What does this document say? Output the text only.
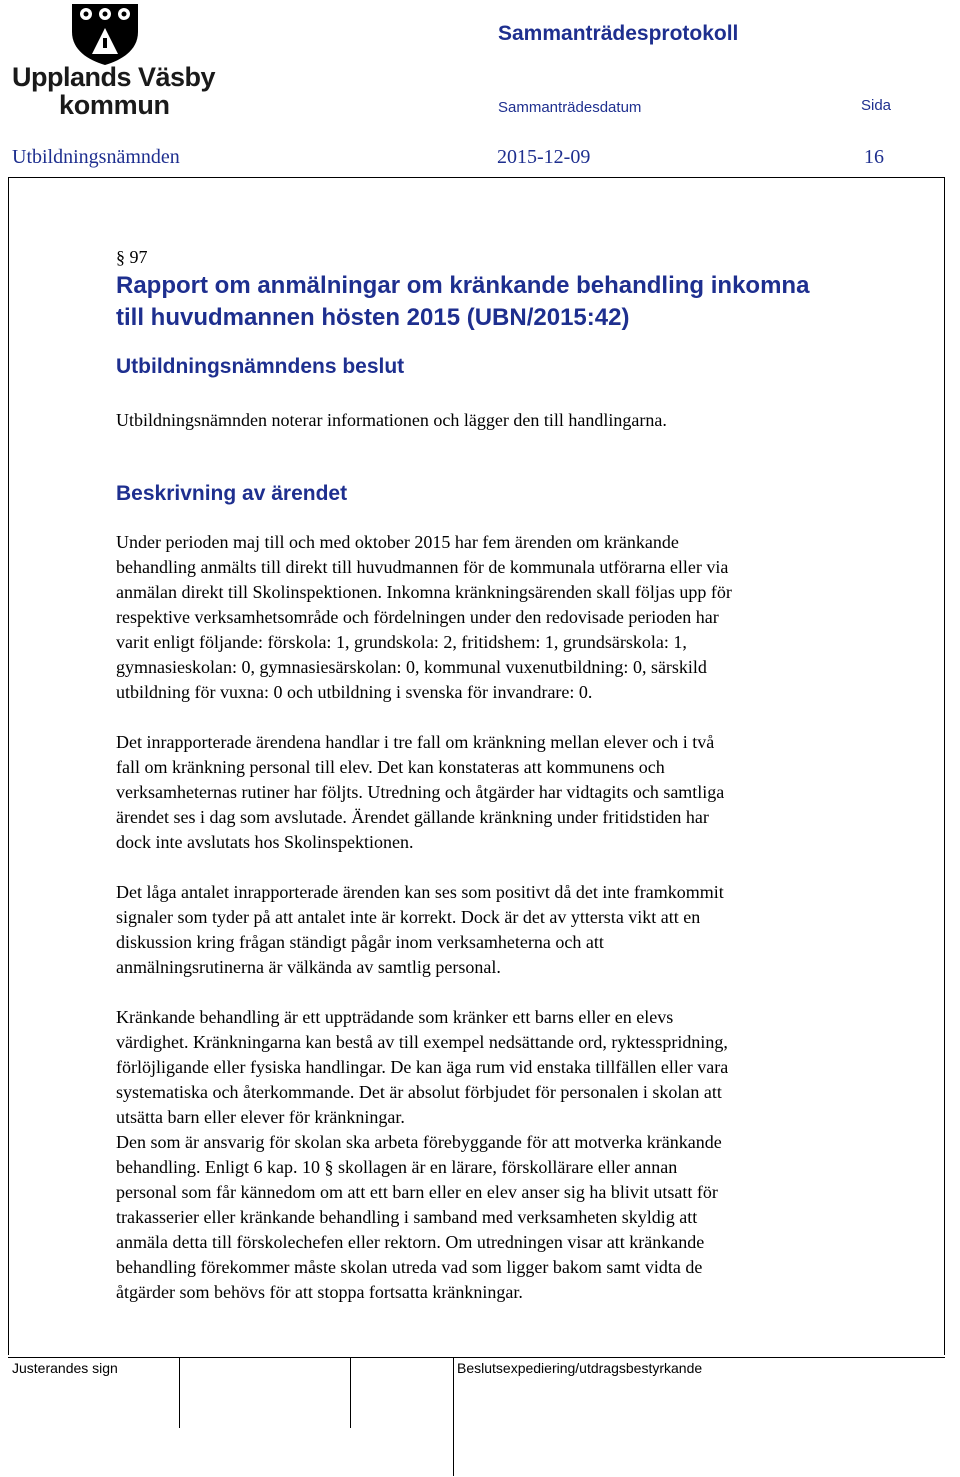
Upplands Väsby
kommun
Sammanträdesprotokoll
Sammanträdesdatum	Sida
Utbildningsnämnden	2015-12-09	16
§ 97
Rapport om anmälningar om kränkande behandling inkomna
till huvudmannen hösten 2015 (UBN/2015:42)
Utbildningsnämndens beslut
Utbildningsnämnden noterar informationen och lägger den till handlingarna.
Beskrivning av ärendet

Under perioden maj till och med oktober 2015 har fem ärenden om kränkande
behandling anmälts till direkt till huvudmannen för de kommunala utförarna eller via
anmälan direkt till Skolinspektionen. Inkomna kränkningsärenden skall följas upp för
respektive verksamhetsområde och fördelningen under den redovisade perioden har
varit enligt följande: förskola: 1, grundskola: 2, fritidshem: 1, grundsärskola: 1,
gymnasieskolan: 0, gymnasiesärskolan: 0, kommunal vuxenutbildning: 0, särskild
utbildning för vuxna: 0 och utbildning i svenska för invandrare: 0.

Det inrapporterade ärendena handlar i tre fall om kränkning mellan elever och i två
fall om kränkning personal till elev. Det kan konstateras att kommunens och
verksamheternas rutiner har följts. Utredning och åtgärder har vidtagits och samtliga
ärendet ses i dag som avslutade. Ärendet gällande kränkning under fritidstiden har
dock inte avslutats hos Skolinspektionen.

Det låga antalet inrapporterade ärenden kan ses som positivt då det inte framkommit
signaler som tyder på att antalet inte är korrekt. Dock är det av yttersta vikt att en
diskussion kring frågan ständigt pågår inom verksamheterna och att
anmälningsrutinerna är välkända av samtlig personal.

Kränkande behandling är ett uppträdande som kränker ett barns eller en elevs
värdighet. Kränkningarna kan bestå av till exempel nedsättande ord, ryktesspridning,
förlöjligande eller fysiska handlingar. De kan äga rum vid enstaka tillfällen eller vara
systematiska och återkommande. Det är absolut förbjudet för personalen i skolan att
utsätta barn eller elever för kränkningar.

Den som är ansvarig för skolan ska arbeta förebyggande för att motverka kränkande
behandling. Enligt 6 kap. 10 § skollagen är en lärare, förskollärare eller annan
personal som får kännedom om att ett barn eller en elev anser sig ha blivit utsatt för
trakasserier eller kränkande behandling i samband med verksamheten skyldig att
anmäla detta till förskolechefen eller rektorn. Om utredningen visar att kränkande
behandling förekommer måste skolan utreda vad som ligger bakom samt vidta de
åtgärder som behövs för att stoppa fortsatta kränkningar.

Justerandes sign	Beslutsexpediering/utdragsbestyrkande
